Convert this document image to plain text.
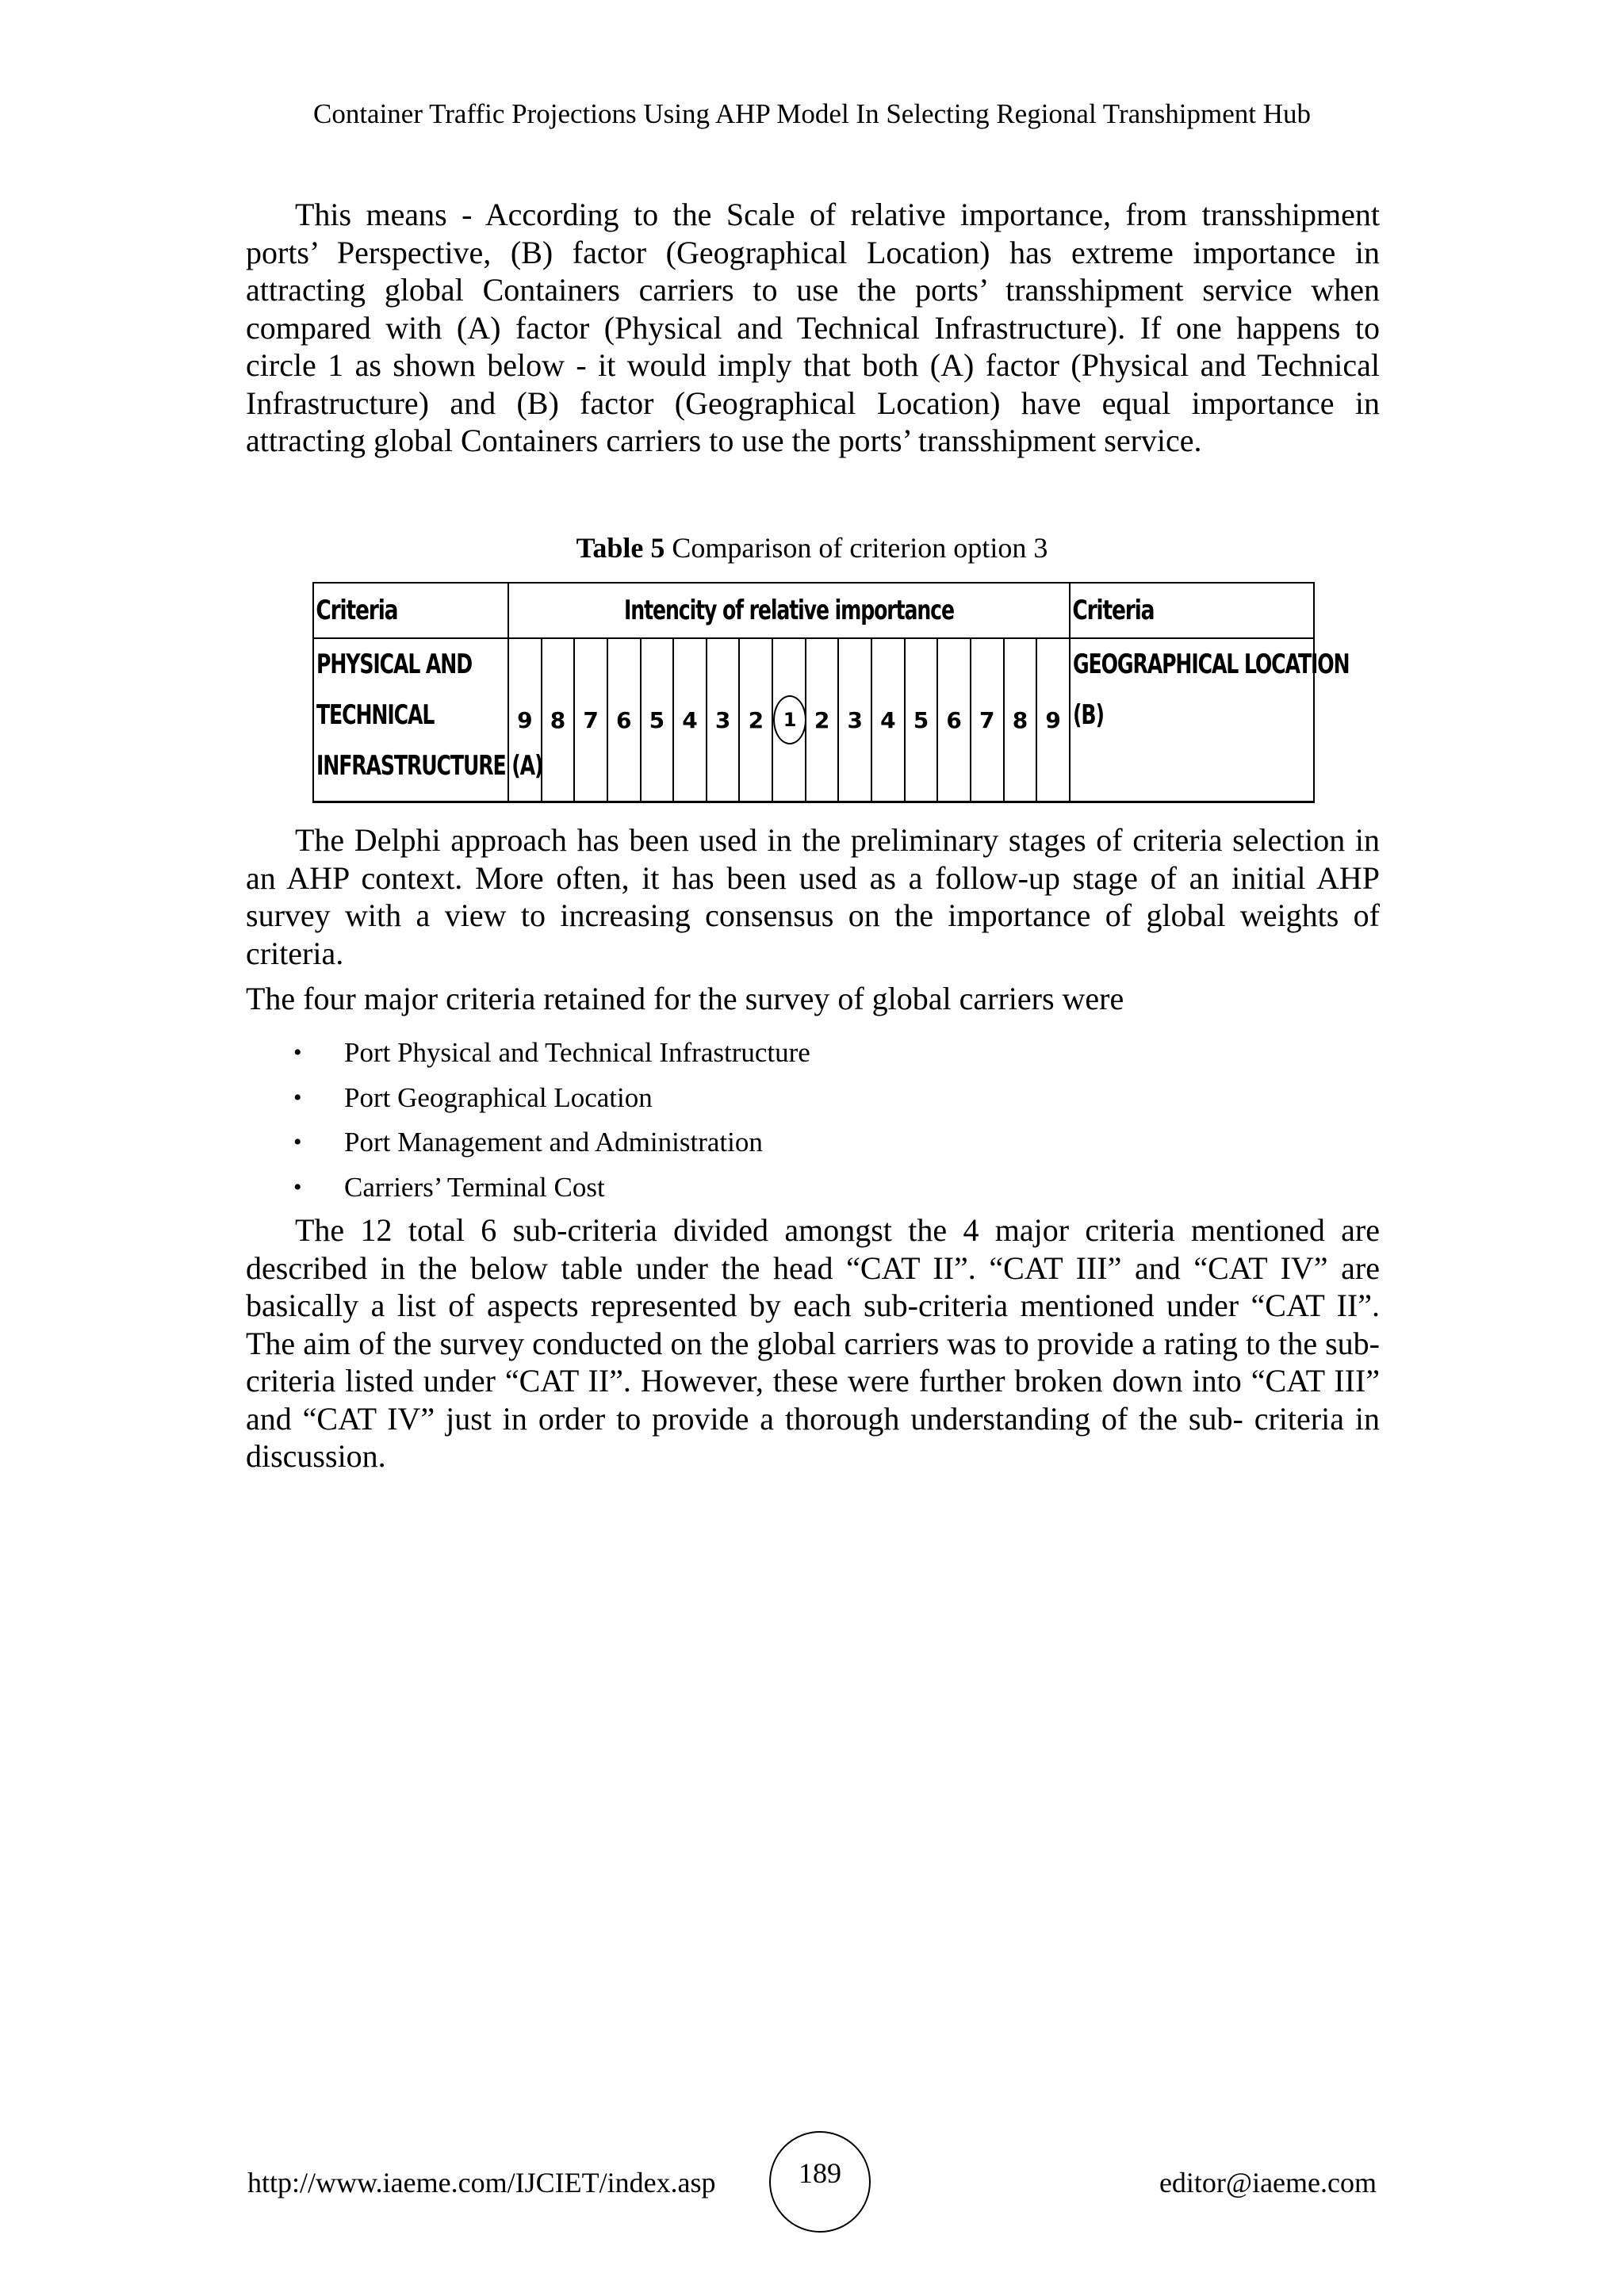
Container Traffic Projections Using AHP Model In Selecting Regional Transhipment Hub

This means - According to the Scale of relative importance, from transshipment ports’ Perspective, (B) factor (Geographical Location) has extreme importance in attracting global Containers carriers to use the ports’ transshipment service when compared with (A) factor (Physical and Technical Infrastructure). If one happens to circle 1 as shown below - it would imply that both (A) factor (Physical and Technical Infrastructure) and (B) factor (Geographical Location) have equal importance in attracting global Containers carriers to use the ports’ transshipment service.

Table 5 Comparison of criterion option 3
Criteria	Intencity of relative importance																	Criteria

PHYSICAL AND
TECHNICAL
INFRASTRUCTURE (A)	9	8	7	6	5	4	3	2	1	2	3	4	5	6	7	8	9	GEOGRAPHICAL LOCATION
(B)

The Delphi approach has been used in the preliminary stages of criteria selection in an AHP context. More often, it has been used as a follow-up stage of an initial AHP survey with a view to increasing consensus on the importance of global weights of criteria.

The four major criteria retained for the survey of global carriers were

• Port Physical and Technical Infrastructure
• Port Geographical Location
• Port Management and Administration
• Carriers’ Terminal Cost

The 12 total 6 sub-criteria divided amongst the 4 major criteria mentioned are described in the below table under the head “CAT II”. “CAT III” and “CAT IV” are basically a list of aspects represented by each sub-criteria mentioned under “CAT II”. The aim of the survey conducted on the global carriers was to provide a rating to the sub-criteria listed under “CAT II”. However, these were further broken down into “CAT III” and “CAT IV” just in order to provide a thorough understanding of the sub- criteria in discussion.

http://www.iaeme.com/IJCIET/index.asp	189	editor@iaeme.com
